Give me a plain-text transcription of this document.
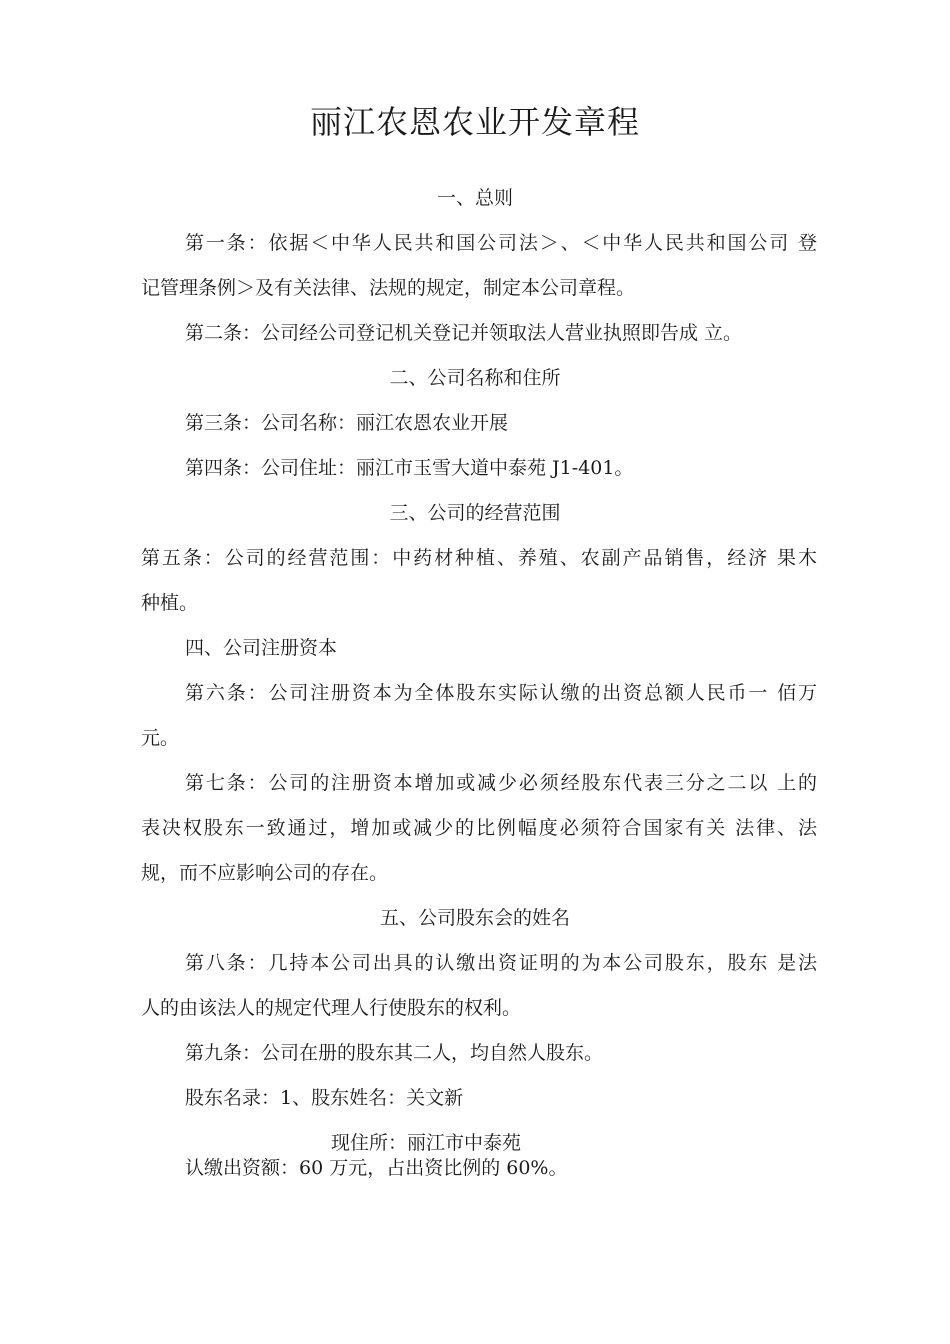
丽江农恩农业开发章程
一、总则
第一条：依据＜中华人民共和国公司法＞、＜中华人民共和国公司 登
记管理条例＞及有关法律、法规的规定，制定本公司章程。
第二条：公司经公司登记机关登记并领取法人营业执照即告成 立。
二、公司名称和住所
第三条：公司名称：丽江农恩农业开展
第四条：公司住址：丽江市玉雪大道中泰苑 J1-401。
三、公司的经营范围
第五条：公司的经营范围：中药材种植、养殖、农副产品销售，经济 果木
种植。
四、公司注册资本
第六条：公司注册资本为全体股东实际认缴的出资总额人民币一 佰万
元。
第七条：公司的注册资本增加或减少必须经股东代表三分之二以 上的
表决权股东一致通过，增加或减少的比例幅度必须符合国家有关 法律、法
规，而不应影响公司的存在。
五、公司股东会的姓名
第八条：几持本公司出具的认缴出资证明的为本公司股东，股东 是法
人的由该法人的规定代理人行使股东的权利。
第九条：公司在册的股东其二人，均自然人股东。
股东名录：1、股东姓名：关文新
现住所：丽江市中泰苑
认缴出资额：60 万元，占出资比例的 60%。
